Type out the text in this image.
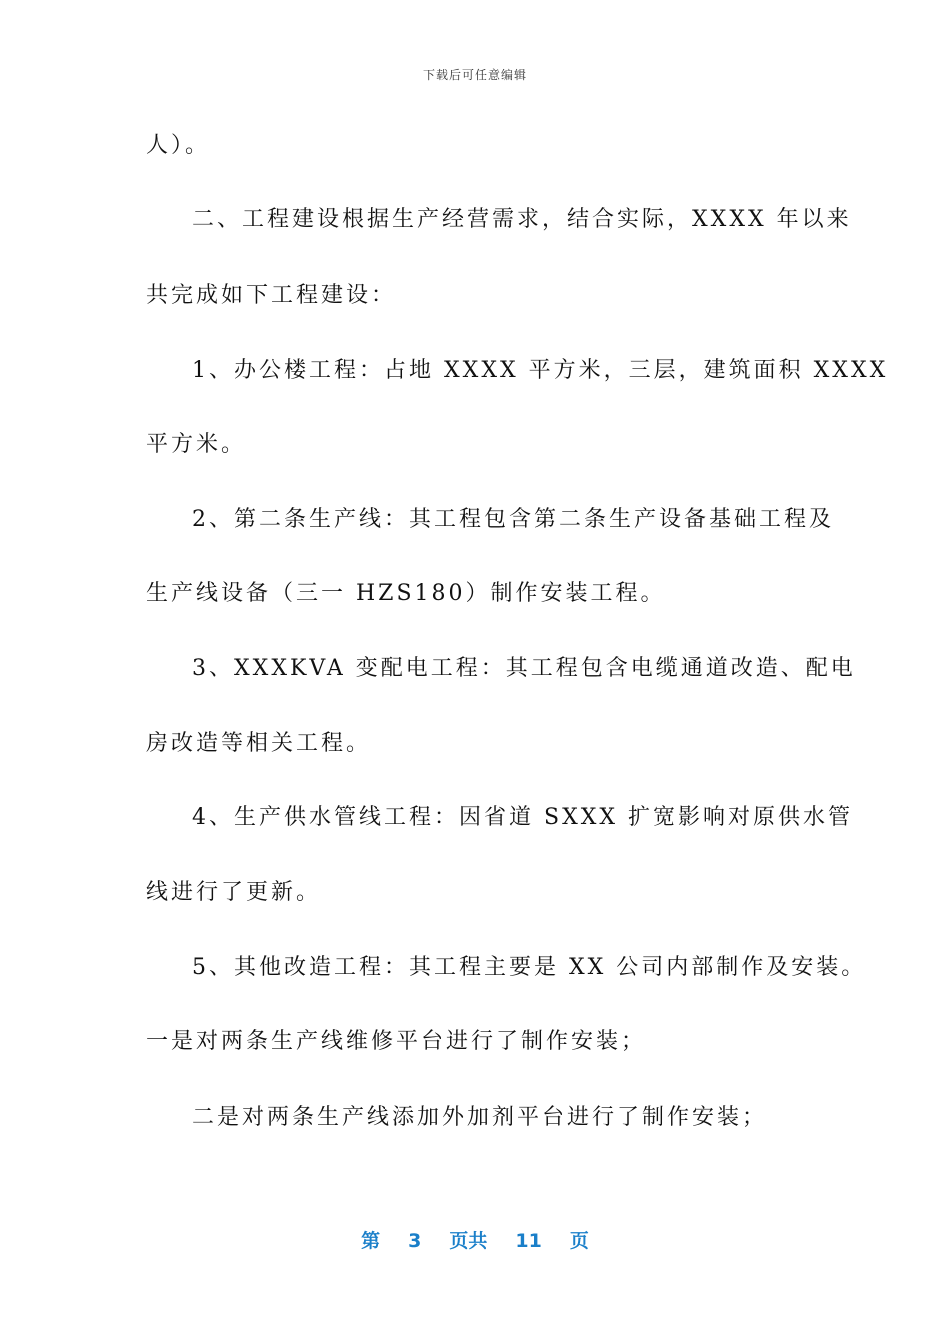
下载后可任意编辑
人）。
二、工程建设根据生产经营需求，结合实际，XXXX 年以来
共完成如下工程建设：
1、办公楼工程：占地 XXXX 平方米，三层，建筑面积 XXXX
平方米。
2、第二条生产线：其工程包含第二条生产设备基础工程及
生产线设备（三一 HZS180）制作安装工程。
3、XXXKVA 变配电工程：其工程包含电缆通道改造、配电
房改造等相关工程。
4、生产供水管线工程：因省道 SXXX 扩宽影响对原供水管
线进行了更新。
5、其他改造工程：其工程主要是 XX 公司内部制作及安装。
一是对两条生产线维修平台进行了制作安装；
二是对两条生产线添加外加剂平台进行了制作安装；
第 3 页共 11 页
